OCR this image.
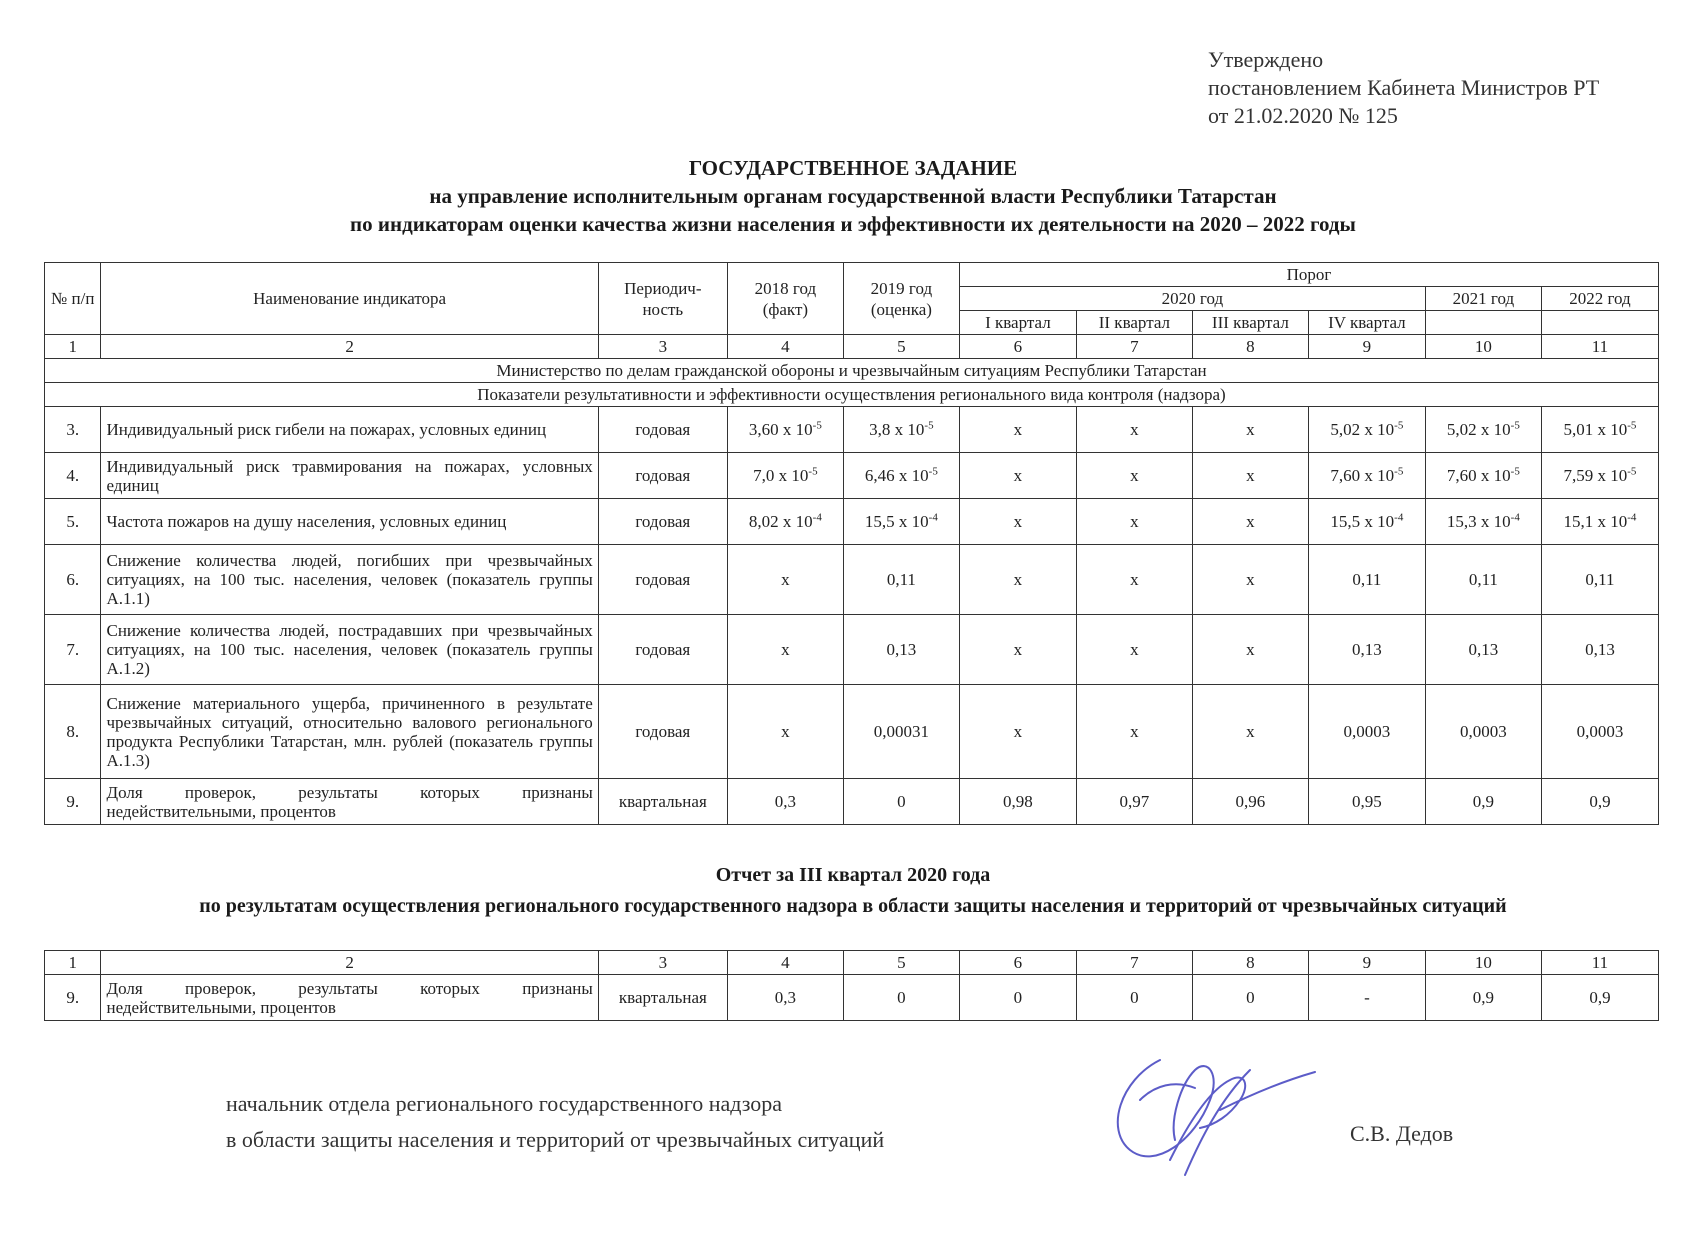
Утверждено
постановлением Кабинета Министров РТ
от 21.02.2020 № 125
ГОСУДАРСТВЕННОЕ ЗАДАНИЕ
на управление исполнительным органам государственной власти Республики Татарстан
по индикаторам оценки качества жизни населения и эффективности их деятельности на 2020 – 2022 годы
№ п/п	Наименование индикатора	Периодич-ность	2018 год (факт)	2019 год (оценка)	Порог					
					2020 год				2021 год	2022 год
					I квартал	II квартал	III квартал	IV квартал		
1	2	3	4	5	6	7	8	9	10	11
Министерство по делам гражданской обороны и чрезвычайным ситуациям Республики Татарстан										
Показатели результативности и эффективности осуществления регионального вида контроля (надзора)										
3.	Индивидуальный риск гибели на пожарах, условных единиц	годовая	3,60 х $10^{-5}$	3,8 х $10^{-5}$	х	х	х	5,02 х $10^{-5}$	5,02 х $10^{-5}$	5,01 х $10^{-5}$
4.	Индивидуальный риск травмирования на пожарах, условных единиц	годовая	7,0 х $10^{-5}$	6,46 х $10^{-5}$	х	х	х	7,60 х $10^{-5}$	7,60 х $10^{-5}$	7,59 х $10^{-5}$
5.	Частота пожаров на душу населения, условных единиц	годовая	8,02 х $10^{-4}$	15,5 х $10^{-4}$	х	х	х	15,5 х $10^{-4}$	15,3 х $10^{-4}$	15,1 х $10^{-4}$
6.	Снижение количества людей, погибших при чрезвычайных ситуациях, на 100 тыс. населения, человек (показатель группы А.1.1)	годовая	х	0,11	х	х	х	0,11	0,11	0,11
7.	Снижение количества людей, пострадавших при чрезвычайных ситуациях, на 100 тыс. населения, человек (показатель группы А.1.2)	годовая	х	0,13	х	х	х	0,13	0,13	0,13
8.	Снижение материального ущерба, причиненного в результате чрезвычайных ситуаций, относительно валового регионального продукта Республики Татарстан, млн. рублей (показатель группы А.1.3)	годовая	х	0,00031	х	х	х	0,0003	0,0003	0,0003
9.	Доля проверок, результаты которых признаны недействительными, процентов	квартальная	0,3	0	0,98	0,97	0,96	0,95	0,9	0,9
Отчет за III квартал 2020 года
по результатам осуществления регионального государственного надзора в области защиты населения и территорий от чрезвычайных ситуаций
1	2	3	4	5	6	7	8	9	10	11
9.	Доля проверок, результаты которых признаны недействительными, процентов	квартальная	0,3	0	0	0	0	-	0,9	0,9
начальник отдела регионального государственного надзора
в области защиты населения и территорий от чрезвычайных ситуаций	С.В. Дедов
